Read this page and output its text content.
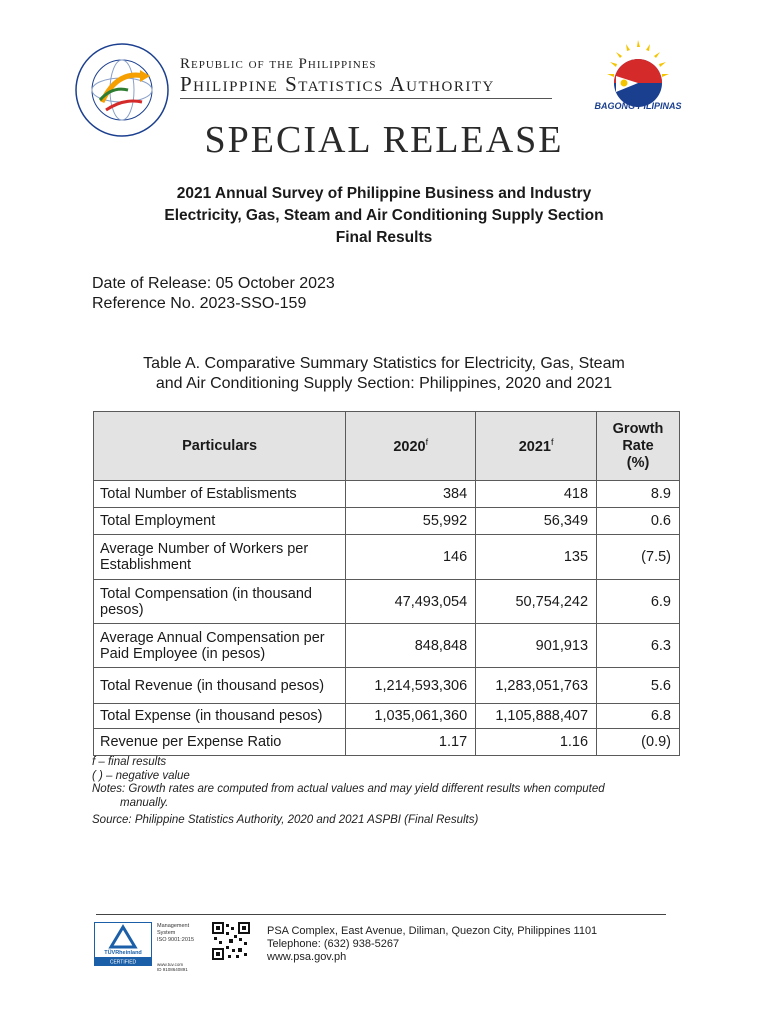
Republic of the Philippines
Philippine Statistics Authority
BAGONG PILIPINAS
SPECIAL RELEASE
2021 Annual Survey of Philippine Business and Industry
Electricity, Gas, Steam and Air Conditioning Supply Section
Final Results
Date of Release: 05 October 2023
Reference No. 2023-SSO-159
Table A. Comparative Summary Statistics for Electricity, Gas, Steam
and Air Conditioning Supply Section: Philippines, 2020 and 2021
Particulars	2020$^f$	2021$^f$	Growth
Rate
(%)

Total Number of Establisments	384	418	8.9
Total Employment	55,992	56,349	0.6
Average Number of Workers per Establishment	146	135	(7.5)
Total Compensation (in thousand pesos)	47,493,054	50,754,242	6.9
Average Annual Compensation per Paid Employee (in pesos)	848,848	901,913	6.3
Total Revenue (in thousand pesos)	1,214,593,306	1,283,051,763	5.6
Total Expense (in thousand pesos)	1,035,061,360	1,105,888,407	6.8
Revenue per Expense Ratio	1.17	1.16	(0.9)
f – final results
( ) – negative value
Notes: Growth rates are computed from actual values and may yield different results when computed
manually.
Source: Philippine Statistics Authority, 2020 and 2021 ASPBI (Final Results)
TÜVRheinland
CERTIFIED
Management
System
ISO 9001:2015
www.tuv.com
ID 9108640891
PSA Complex, East Avenue, Diliman, Quezon City, Philippines 1101
Telephone: (632) 938-5267
www.psa.gov.ph
